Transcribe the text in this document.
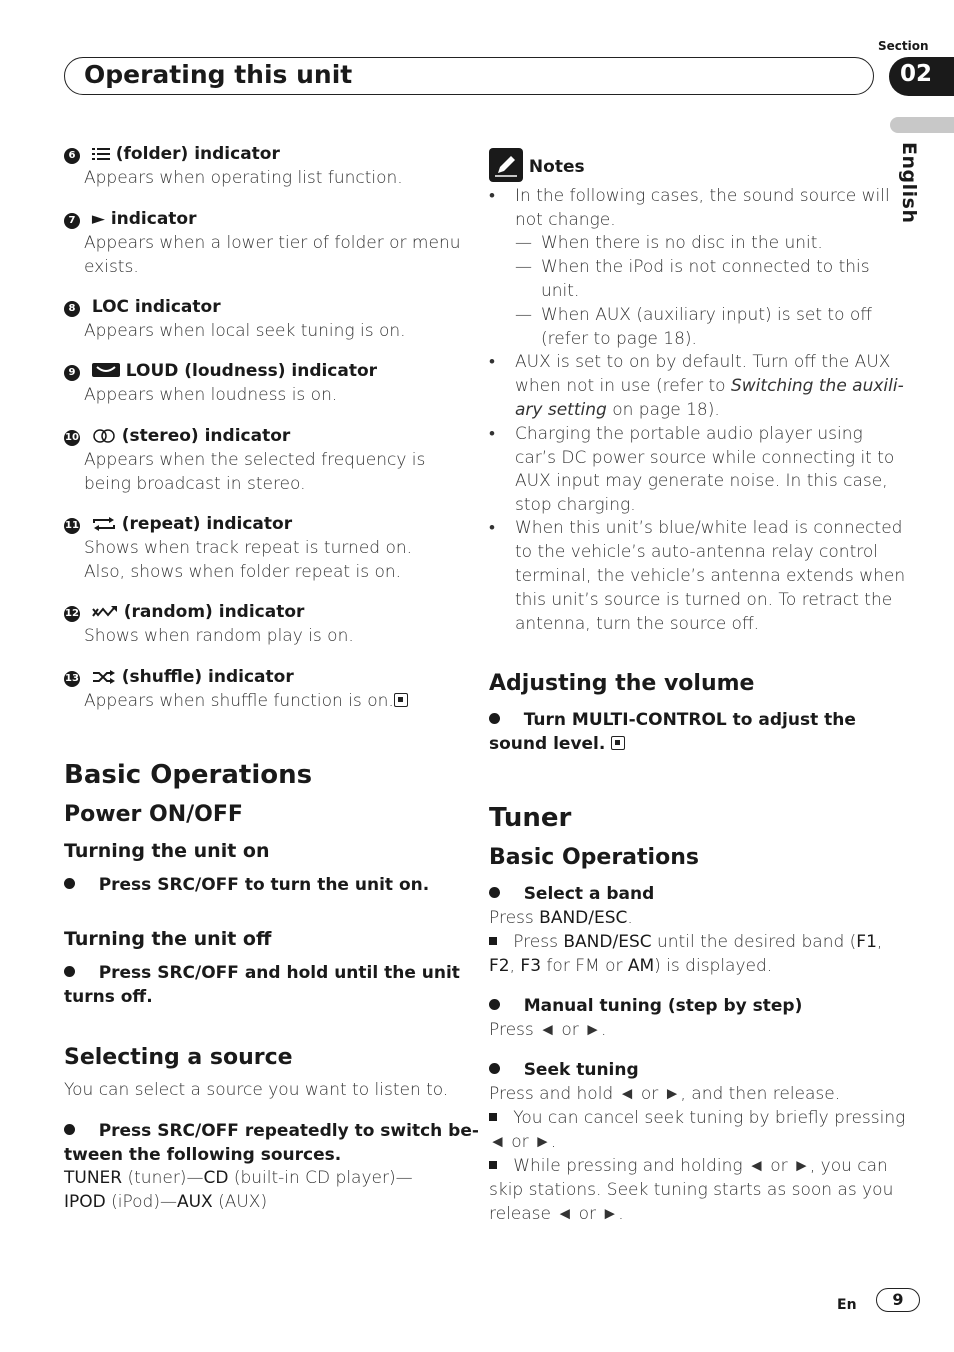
Section
Operating this unit	02
English
6 (folder) indicator
Appears when operating list function.
7 ► indicator
Appears when a lower tier of folder or menu
exists.
8 LOC indicator
Appears when local seek tuning is on.
9	LOUD (loudness) indicator
Appears when loudness is on.
10	(stereo) indicator
Appears when the selected frequency is
being broadcast in stereo.
11	(repeat) indicator
Shows when track repeat is turned on.
Also, shows when folder repeat is on.
12	(random) indicator
Shows when random play is on.
13	(shuffle) indicator
Appears when shuffle function is on.
Basic Operations
Power ON/OFF
Turning the unit on
Press SRC/OFF to turn the unit on.
Turning the unit off
Press SRC/OFF and hold until the unit
turns off.
Selecting a source
You can select a source you want to listen to.
Press SRC/OFF repeatedly to switch be-
tween the following sources.
TUNER (tuner)—CD (built-in CD player)—
IPOD (iPod)—AUX (AUX)
Notes
• In the following cases, the sound source will
not change.
— When there is no disc in the unit.
— When the iPod is not connected to this
unit.
— When AUX (auxiliary input) is set to off
(refer to page 18).
• AUX is set to on by default. Turn off the AUX
when not in use (refer to Switching the auxili-
ary setting on page 18).
• Charging the portable audio player using
car’s DC power source while connecting it to
AUX input may generate noise. In this case,
stop charging.
• When this unit’s blue/white lead is connected
to the vehicle’s auto-antenna relay control
terminal, the vehicle’s antenna extends when
this unit’s source is turned on. To retract the
antenna, turn the source off.
Adjusting the volume
Turn MULTI-CONTROL to adjust the
sound level.
Tuner
Basic Operations
Select a band
Press BAND/ESC.
Press BAND/ESC until the desired band (F1,
F2, F3 for FM or AM) is displayed.
Manual tuning (step by step)
Press ◄ or ►.
Seek tuning
Press and hold ◄ or ►, and then release.
You can cancel seek tuning by briefly pressing
◄ or ►.
While pressing and holding ◄ or ►, you can
skip stations. Seek tuning starts as soon as you
release ◄ or ►.
En	9
